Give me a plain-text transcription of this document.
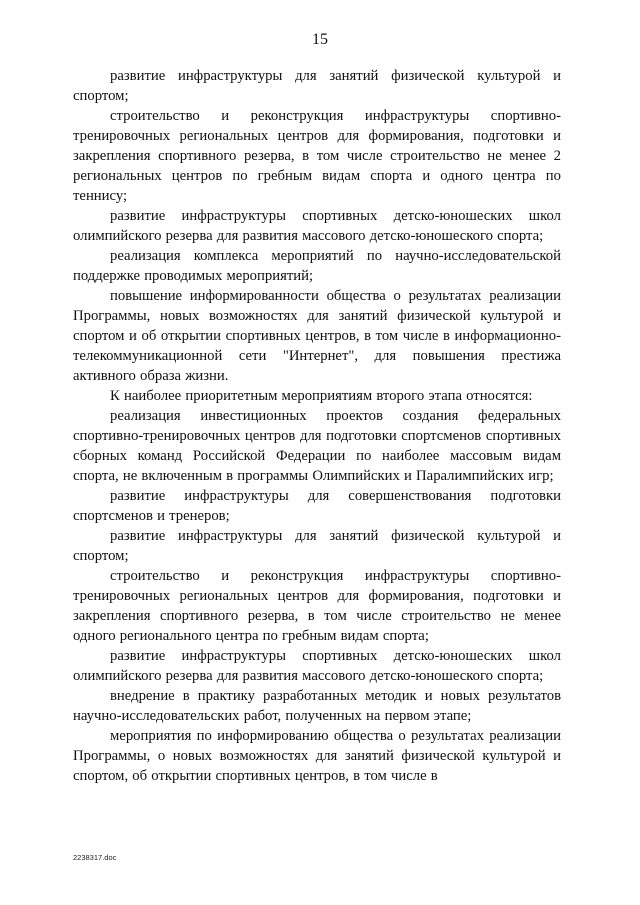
15

развитие инфраструктуры для занятий физической культурой и спортом;

строительство и реконструкция инфраструктуры спортивно-тренировочных региональных центров для формирования, подготовки и закрепления спортивного резерва, в том числе строительство не менее 2 региональных центров по гребным видам спорта и одного центра по теннису;

развитие инфраструктуры спортивных детско-юношеских школ олимпийского резерва для развития массового детско-юношеского спорта;

реализация комплекса мероприятий по научно-исследовательской поддержке проводимых мероприятий;

повышение информированности общества о результатах реализации Программы, новых возможностях для занятий физической культурой и спортом и об открытии спортивных центров, в том числе в информационно-телекоммуникационной сети "Интернет", для повышения престижа активного образа жизни.

К наиболее приоритетным мероприятиям второго этапа относятся:

реализация инвестиционных проектов создания федеральных спортивно-тренировочных центров для подготовки спортсменов спортивных сборных команд Российской Федерации по наиболее массовым видам спорта, не включенным в программы Олимпийских и Паралимпийских игр;

развитие инфраструктуры для совершенствования подготовки спортсменов и тренеров;

развитие инфраструктуры для занятий физической культурой и спортом;

строительство и реконструкция инфраструктуры спортивно-тренировочных региональных центров для формирования, подготовки и закрепления спортивного резерва, в том числе строительство не менее одного регионального центра по гребным видам спорта;

развитие инфраструктуры спортивных детско-юношеских школ олимпийского резерва для развития массового детско-юношеского спорта;

внедрение в практику разработанных методик и новых результатов научно-исследовательских работ, полученных на первом этапе;

мероприятия по информированию общества о результатах реализации Программы, о новых возможностях для занятий физической культурой и спортом, об открытии спортивных центров, в том числе в

2238317.doc
